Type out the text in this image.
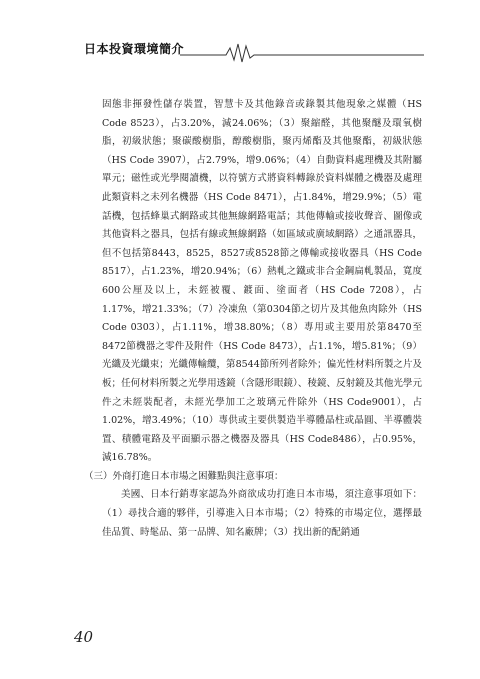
日本投資環境簡介

固態非揮發性儲存裝置，智慧卡及其他錄音或錄製其他現象之媒體（HS Code 8523），占3.20%，減24.06%；（3）聚縮醛，其他聚醚及環氧樹脂，初級狀態；聚碳酸樹脂，醇酸樹脂，聚丙烯酯及其他聚酯，初級狀態（HS Code 3907），占2.79%，增9.06%；（4）自動資料處理機及其附屬單元；磁性或光學閱讀機，以符號方式將資料轉錄於資料媒體之機器及處理此類資料之未列名機器（HS Code 8471），占1.84%，增29.9%；（5）電話機，包括蜂巢式網路或其他無線網路電話；其他傳輸或接收聲音、圖像或其他資料之器具，包括有線或無線網路（如區域或廣域網路）之通訊器具，但不包括第8443，8525，8527或8528節之傳輸或接收器具（HS Code 8517），占1.23%，增20.94%；（6）熱軋之鐵或非合金鋼扁軋製品，寬度600公厘及以上，未經被覆、鍍面、塗面者（HS Code 7208），占1.17%，增21.33%；（7）冷凍魚（第0304節之切片及其他魚肉除外（HS Code 0303），占1.11%，增38.80%；（8）專用或主要用於第8470至8472節機器之零件及附件（HS Code 8473），占1.1%，增5.81%；（9）光纖及光纖束；光纖傳輸纜，第8544節所列者除外；偏光性材料所製之片及板；任何材料所製之光學用透鏡（含隱形眼鏡）、稜鏡、反射鏡及其他光學元件之未經裝配者，未經光學加工之玻璃元件除外（HS Code9001），占1.02%，增3.49%；（10）專供或主要供製造半導體晶柱或晶圓、半導體裝置、積體電路及平面顯示器之機器及器具（HS Code8486），占0.95%，減16.78%。

（三）外商打進日本市場之困難點與注意事項：

美國、日本行銷專家認為外商欲成功打進日本市場，須注意事項如下：（1）尋找合適的夥伴，引導進入日本市場；（2）特殊的市場定位，選擇最佳品質、時髦品、第一品牌、知名廠牌；（3）找出新的配銷通

40
